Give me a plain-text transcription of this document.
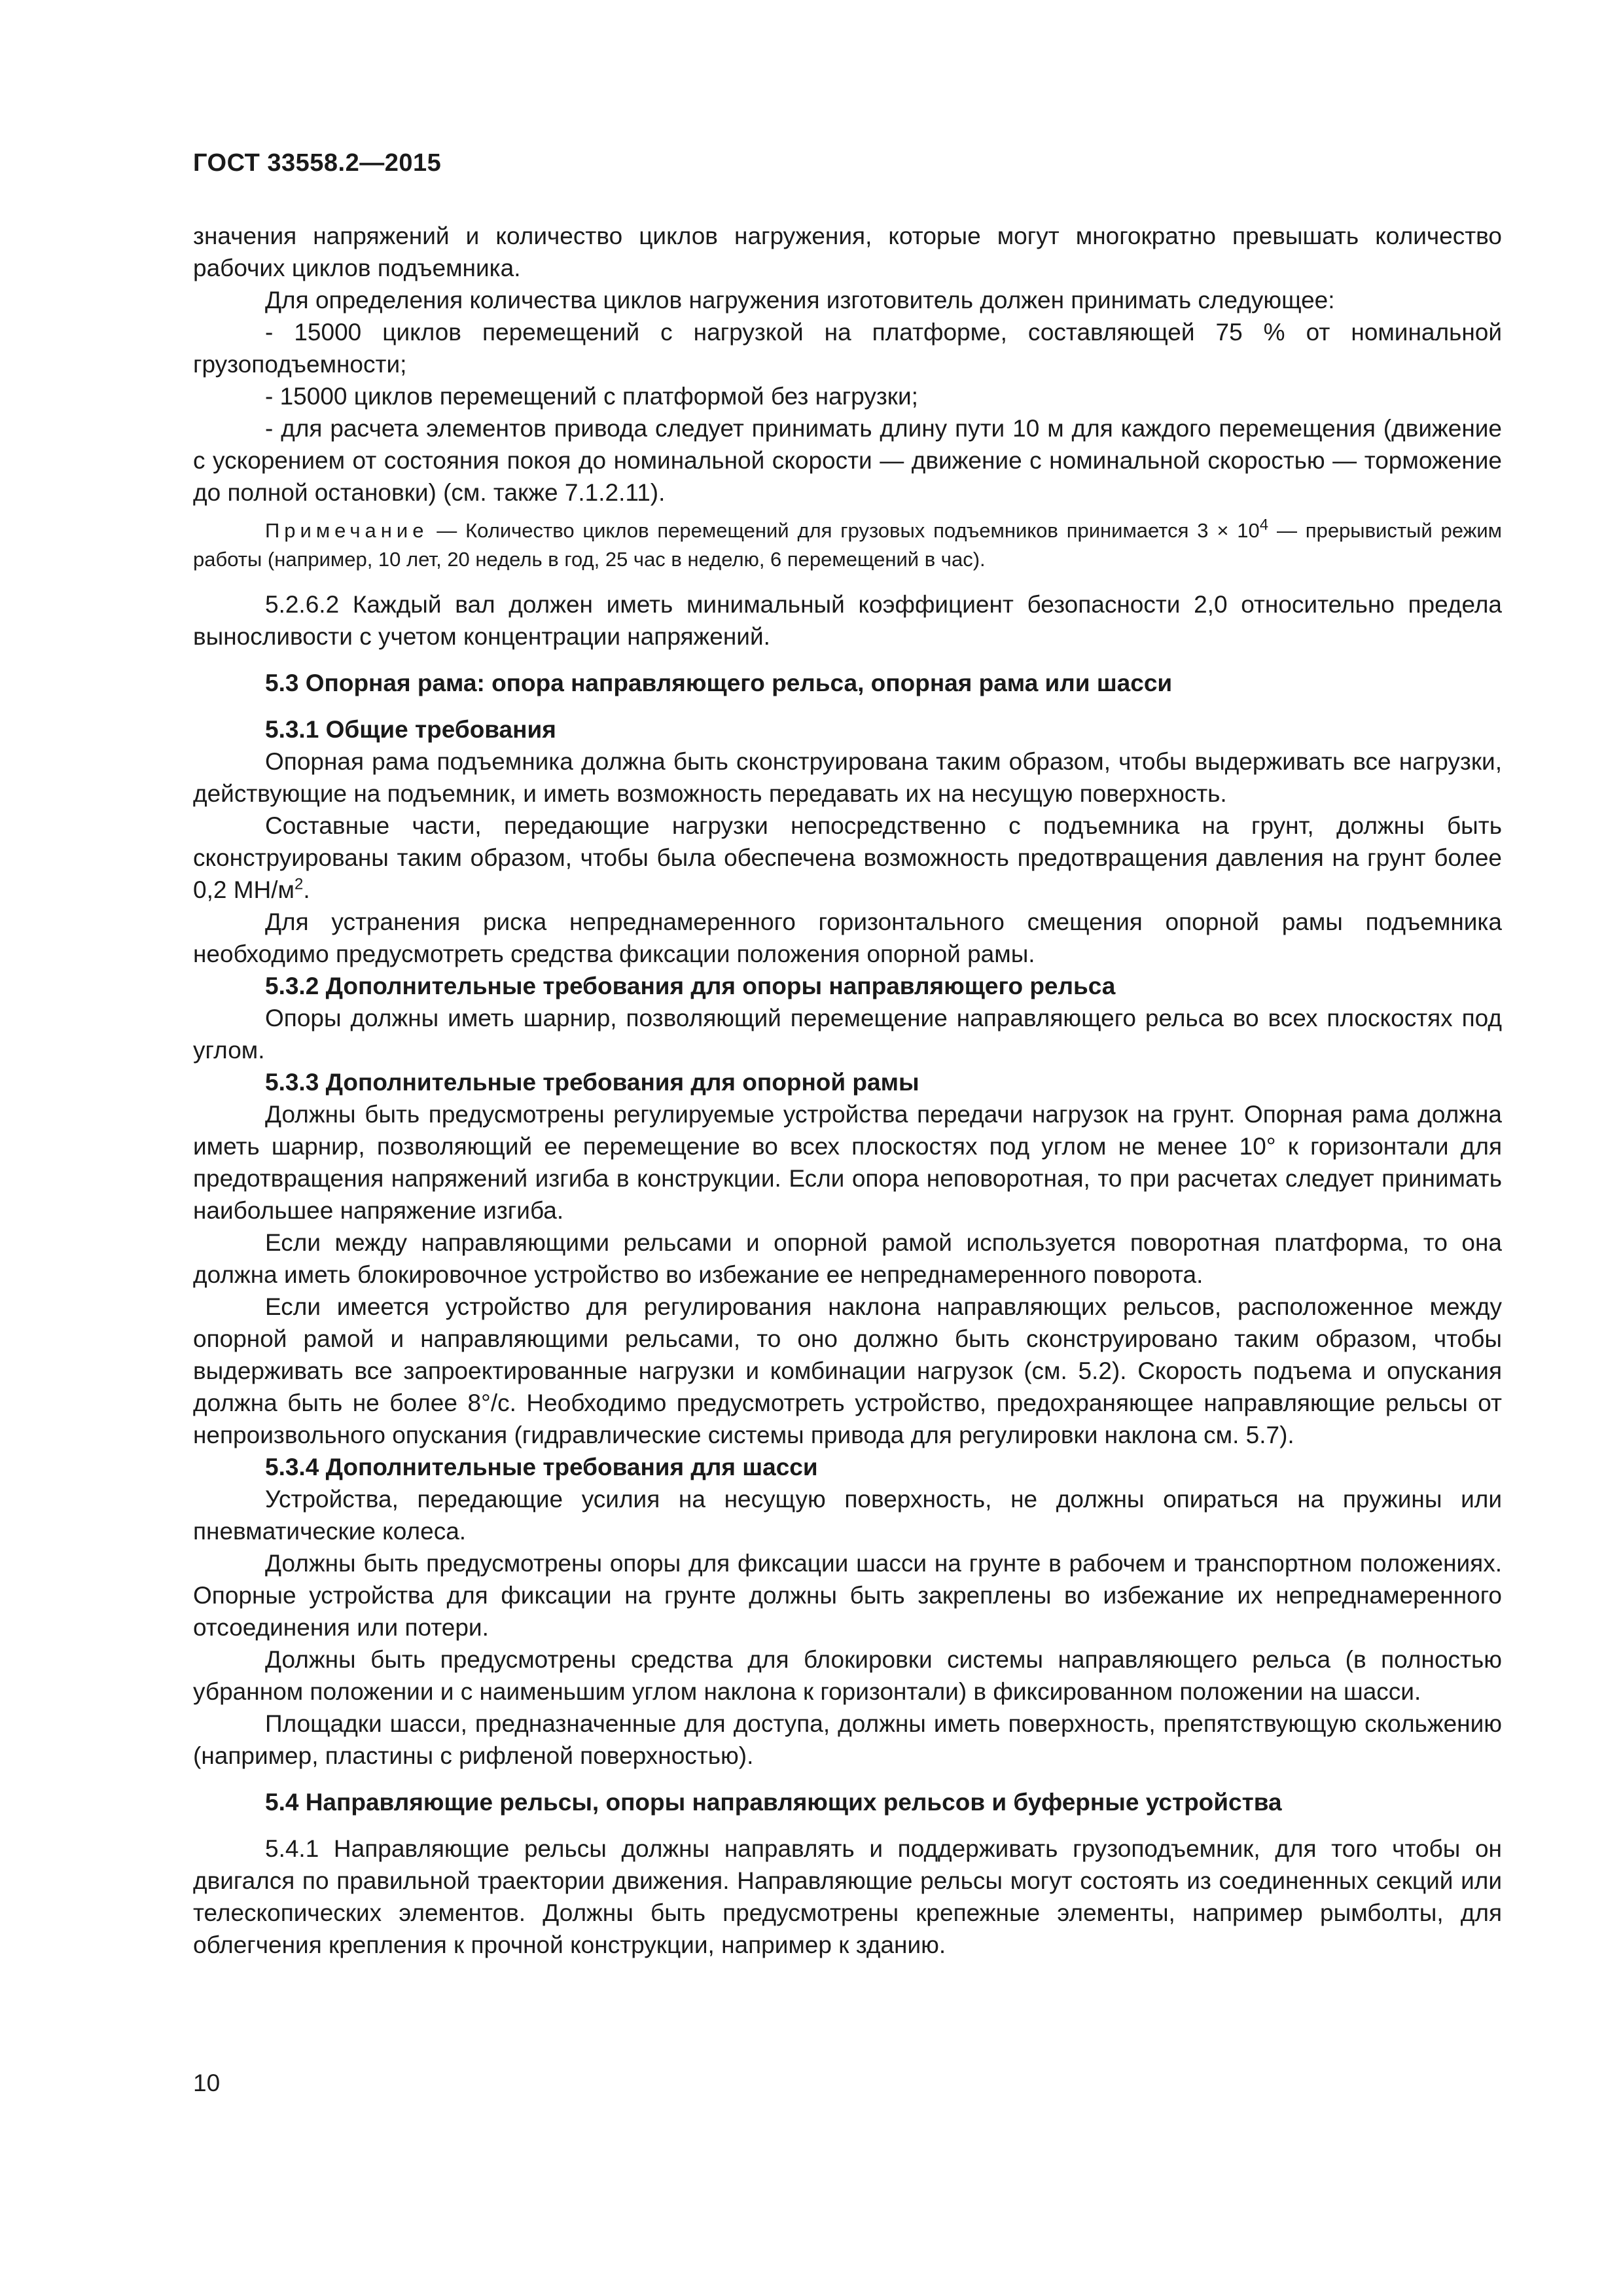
ГОСТ 33558.2—2015

значения напряжений и количество циклов нагружения, которые могут многократно превышать количество рабочих циклов подъемника.

Для определения количества циклов нагружения изготовитель должен принимать следующее:

- 15000 циклов перемещений с нагрузкой на платформе, составляющей 75 % от номинальной грузоподъемности;

- 15000 циклов перемещений с платформой без нагрузки;

- для расчета элементов привода следует принимать длину пути 10 м для каждого перемещения (движение с ускорением от состояния покоя до номинальной скорости — движение с номинальной скоростью — торможение до полной остановки) (см. также 7.1.2.11).

Примечание — Количество циклов перемещений для грузовых подъемников принимается $3 \times 10^4$ — прерывистый режим работы (например, 10 лет, 20 недель в год, 25 час в неделю, 6 перемещений в час).

5.2.6.2 Каждый вал должен иметь минимальный коэффициент безопасности 2,0 относительно предела выносливости с учетом концентрации напряжений.

5.3 Опорная рама: опора направляющего рельса, опорная рама или шасси

5.3.1 Общие требования

Опорная рама подъемника должна быть сконструирована таким образом, чтобы выдерживать все нагрузки, действующие на подъемник, и иметь возможность передавать их на несущую поверхность.

Составные части, передающие нагрузки непосредственно с подъемника на грунт, должны быть сконструированы таким образом, чтобы была обеспечена возможность предотвращения давления на грунт более 0,2 $МН/м^2$.

Для устранения риска непреднамеренного горизонтального смещения опорной рамы подъемника необходимо предусмотреть средства фиксации положения опорной рамы.

5.3.2 Дополнительные требования для опоры направляющего рельса

Опоры должны иметь шарнир, позволяющий перемещение направляющего рельса во всех плоскостях под углом.

5.3.3 Дополнительные требования для опорной рамы

Должны быть предусмотрены регулируемые устройства передачи нагрузок на грунт. Опорная рама должна иметь шарнир, позволяющий ее перемещение во всех плоскостях под углом не менее 10° к горизонтали для предотвращения напряжений изгиба в конструкции. Если опора неповоротная, то при расчетах следует принимать наибольшее напряжение изгиба.

Если между направляющими рельсами и опорной рамой используется поворотная платформа, то она должна иметь блокировочное устройство во избежание ее непреднамеренного поворота.

Если имеется устройство для регулирования наклона направляющих рельсов, расположенное между опорной рамой и направляющими рельсами, то оно должно быть сконструировано таким образом, чтобы выдерживать все запроектированные нагрузки и комбинации нагрузок (см. 5.2). Скорость подъема и опускания должна быть не более 8°/с. Необходимо предусмотреть устройство, предохраняющее направляющие рельсы от непроизвольного опускания (гидравлические системы привода для регулировки наклона см. 5.7).

5.3.4 Дополнительные требования для шасси

Устройства, передающие усилия на несущую поверхность, не должны опираться на пружины или пневматические колеса.

Должны быть предусмотрены опоры для фиксации шасси на грунте в рабочем и транспортном положениях. Опорные устройства для фиксации на грунте должны быть закреплены во избежание их непреднамеренного отсоединения или потери.

Должны быть предусмотрены средства для блокировки системы направляющего рельса (в полностью убранном положении и с наименьшим углом наклона к горизонтали) в фиксированном положении на шасси.

Площадки шасси, предназначенные для доступа, должны иметь поверхность, препятствующую скольжению (например, пластины с рифленой поверхностью).

5.4 Направляющие рельсы, опоры направляющих рельсов и буферные устройства

5.4.1 Направляющие рельсы должны направлять и поддерживать грузоподъемник, для того чтобы он двигался по правильной траектории движения. Направляющие рельсы могут состоять из соединенных секций или телескопических элементов. Должны быть предусмотрены крепежные элементы, например рымболты, для облегчения крепления к прочной конструкции, например к зданию.

10
